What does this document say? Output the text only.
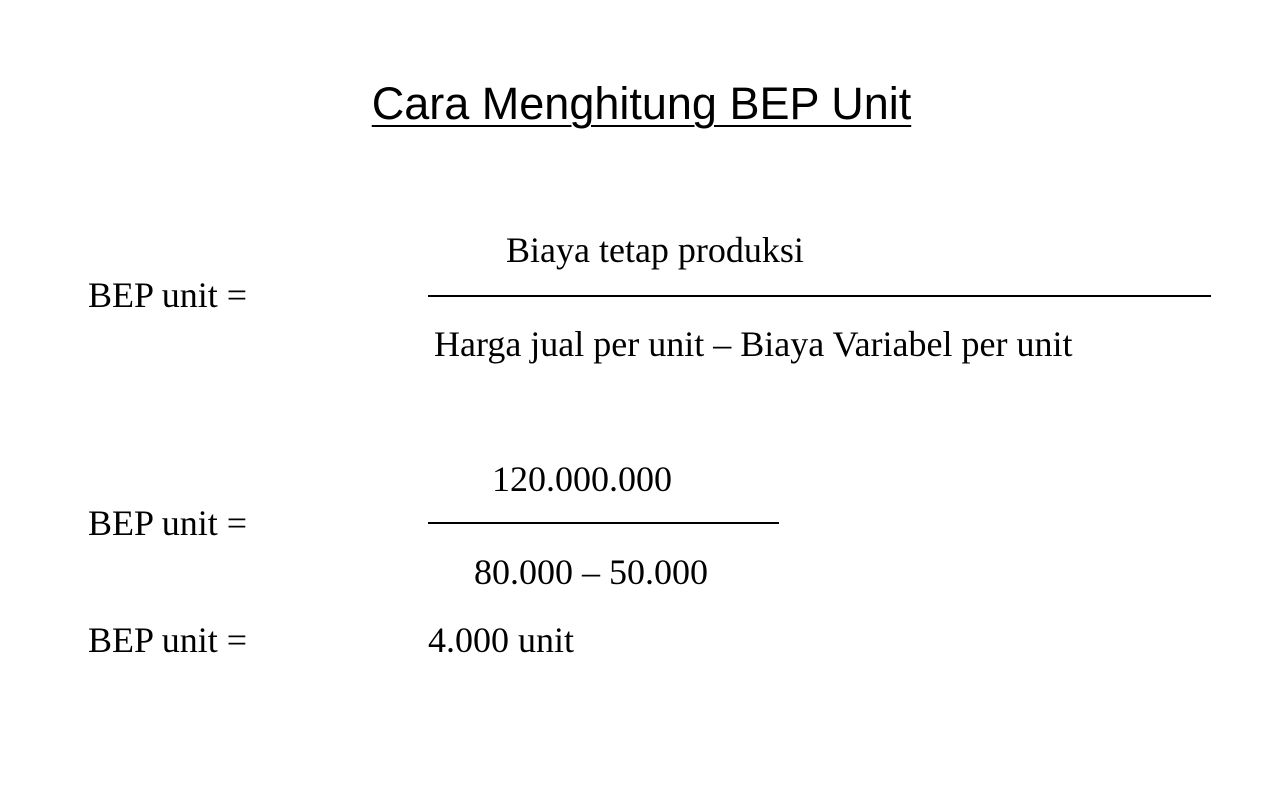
Cara Menghitung BEP Unit
BEP unit =
Biaya tetap produksi
Harga jual per unit – Biaya Variabel per unit
BEP unit =
120.000.000
80.000 – 50.000
BEP unit =	4.000 unit
